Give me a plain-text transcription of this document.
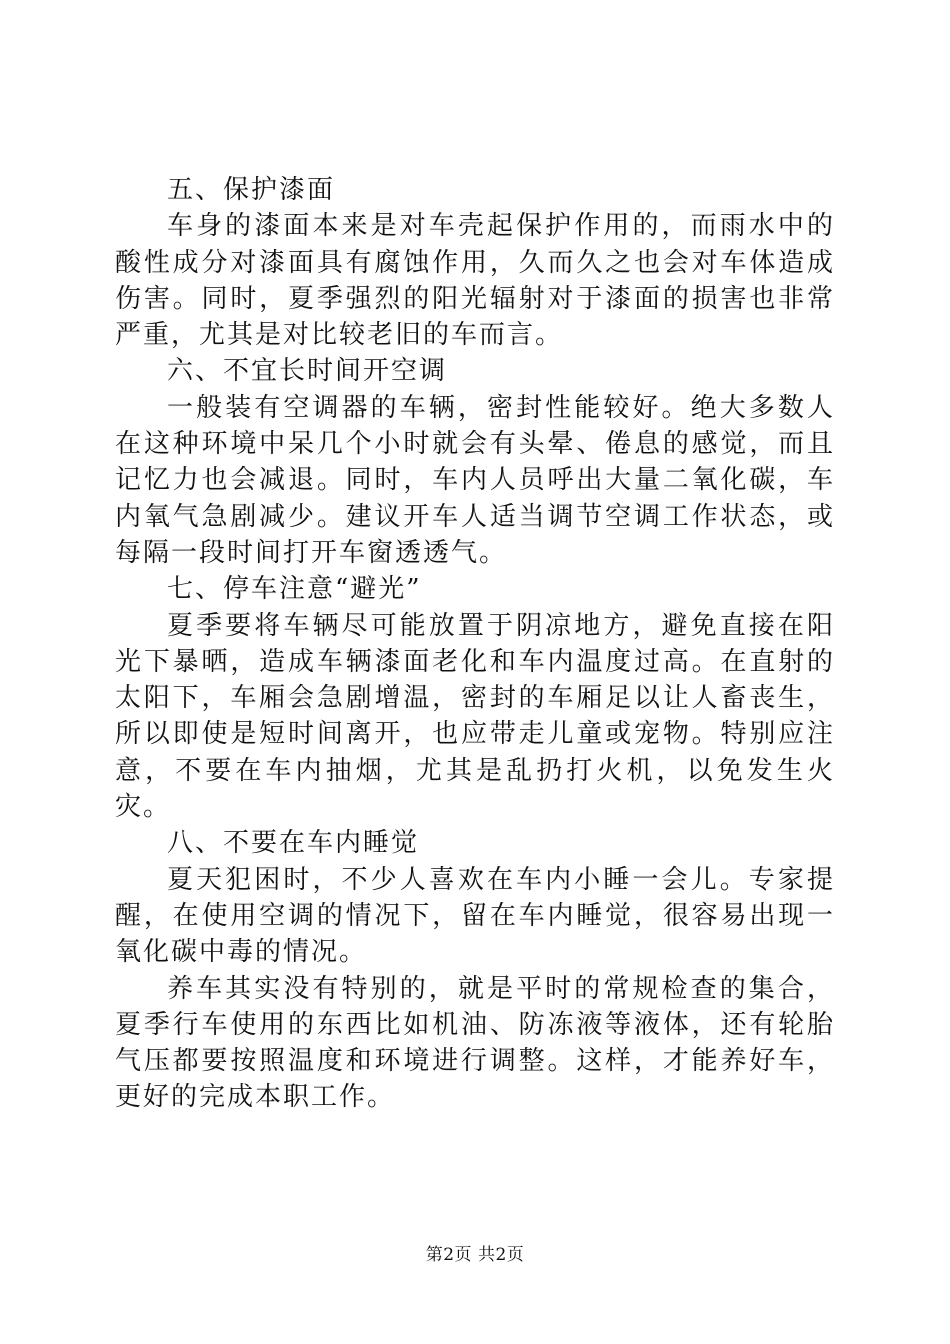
五、保护漆面

车身的漆面本来是对车壳起保护作用的，而雨水中的酸性成分对漆面具有腐蚀作用，久而久之也会对车体造成伤害。同时，夏季强烈的阳光辐射对于漆面的损害也非常严重，尤其是对比较老旧的车而言。

六、不宜长时间开空调

一般装有空调器的车辆，密封性能较好。绝大多数人在这种环境中呆几个小时就会有头晕、倦息的感觉，而且记忆力也会减退。同时，车内人员呼出大量二氧化碳，车内氧气急剧减少。建议开车人适当调节空调工作状态，或每隔一段时间打开车窗透透气。

七、停车注意“避光”

夏季要将车辆尽可能放置于阴凉地方，避免直接在阳光下暴晒，造成车辆漆面老化和车内温度过高。在直射的太阳下，车厢会急剧增温，密封的车厢足以让人畜丧生，所以即使是短时间离开，也应带走儿童或宠物。特别应注意，不要在车内抽烟，尤其是乱扔打火机，以免发生火灾。

八、不要在车内睡觉

夏天犯困时，不少人喜欢在车内小睡一会儿。专家提醒，在使用空调的情况下，留在车内睡觉，很容易出现一氧化碳中毒的情况。

养车其实没有特别的，就是平时的常规检查的集合，夏季行车使用的东西比如机油、防冻液等液体，还有轮胎气压都要按照温度和环境进行调整。这样，才能养好车，更好的完成本职工作。

第2页 共2页
